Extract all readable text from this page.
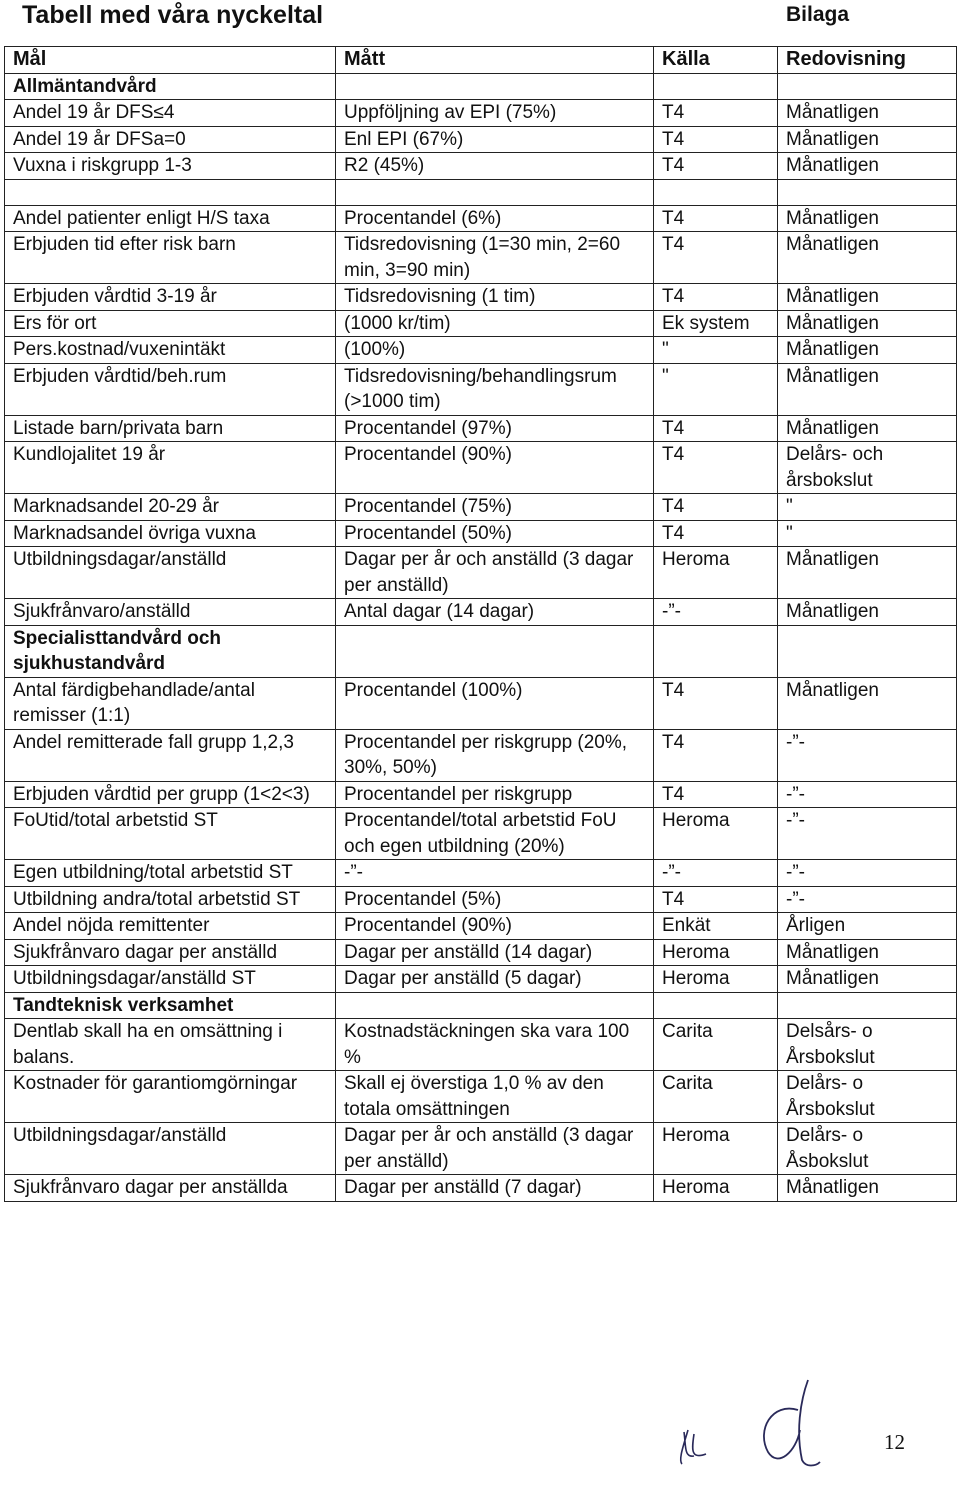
Tabell med våra nyckeltal	Bilaga
Mål	Mått	Källa	Redovisning
Allmäntandvård			
Andel 19 år DFS≤4	Uppföljning av EPI (75%)	T4	Månatligen
Andel 19 år DFSa=0	Enl EPI (67%)	T4	Månatligen
Vuxna i riskgrupp 1-3	R2 (45%)	T4	Månatligen

Andel patienter enligt H/S taxa	Procentandel (6%)	T4	Månatligen
Erbjuden tid efter risk barn	Tidsredovisning (1=30 min, 2=60 min, 3=90 min)	T4	Månatligen
Erbjuden vårdtid 3-19 år	Tidsredovisning (1 tim)	T4	Månatligen
Ers för ort	(1000 kr/tim)	Ek system	Månatligen
Pers.kostnad/vuxenintäkt	(100%)	"	Månatligen
Erbjuden vårdtid/beh.rum	Tidsredovisning/behandlingsrum (>1000 tim)	"	Månatligen
Listade barn/privata barn	Procentandel (97%)	T4	Månatligen
Kundlojalitet 19 år	Procentandel (90%)	T4	Delårs- och årsbokslut
Marknadsandel 20-29 år	Procentandel (75%)	T4	"
Marknadsandel övriga vuxna	Procentandel (50%)	T4	"
Utbildningsdagar/anställd	Dagar per år och anställd (3 dagar per anställd)	Heroma	Månatligen
Sjukfrånvaro/anställd	Antal dagar (14 dagar)	-”-	Månatligen
Specialisttandvård och sjukhustandvård			
Antal färdigbehandlade/antal remisser (1:1)	Procentandel (100%)	T4	Månatligen
Andel remitterade fall grupp 1,2,3	Procentandel per riskgrupp (20%, 30%, 50%)	T4	-”-
Erbjuden vårdtid per grupp (1<2<3)	Procentandel per riskgrupp	T4	-”-
FoUtid/total arbetstid ST	Procentandel/total arbetstid FoU och egen utbildning (20%)	Heroma	-”-
Egen utbildning/total arbetstid ST	-”-	-”-	-”-
Utbildning andra/total arbetstid ST	Procentandel (5%)	T4	-”-
Andel nöjda remittenter	Procentandel (90%)	Enkät	Årligen
Sjukfrånvaro dagar per anställd	Dagar per anställd (14 dagar)	Heroma	Månatligen
Utbildningsdagar/anställd ST	Dagar per anställd (5 dagar)	Heroma	Månatligen
Tandteknisk verksamhet			
Dentlab skall ha en omsättning i balans.	Kostnadstäckningen ska vara 100 %	Carita	Delsårs- o Årsbokslut
Kostnader för garantiomgörningar	Skall ej överstiga 1,0 % av den totala omsättningen	Carita	Delårs- o Årsbokslut
Utbildningsdagar/anställd	Dagar per år och anställd (3 dagar per anställd)	Heroma	Delårs- o Åsbokslut
Sjukfrånvaro dagar per anställda	Dagar per anställd (7 dagar)	Heroma	Månatligen
12
